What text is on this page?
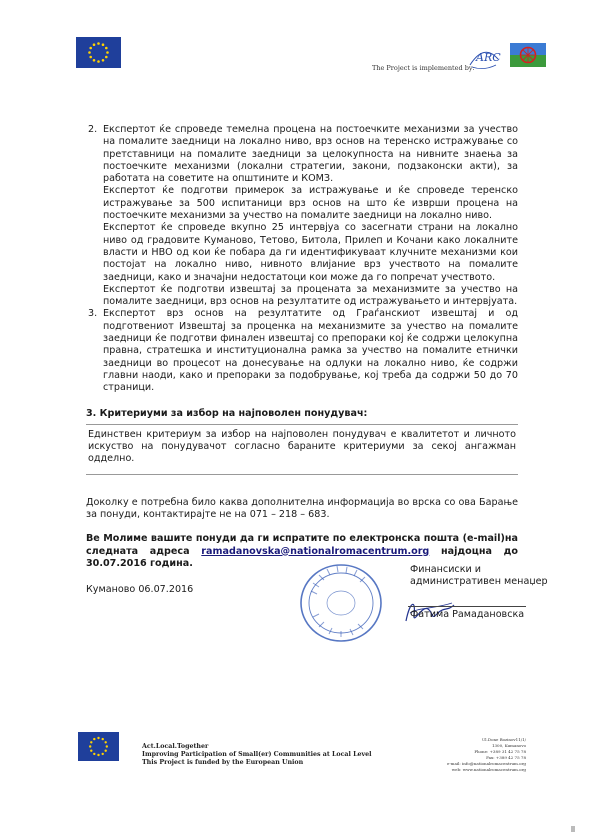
The Project is implemented by:
ARC
2. Експертот ќе спроведе темелна процена на постоечките механизми за учество на помалите заедници на локално ниво, врз основ на теренско истражување со претставници на помалите заедници за целокупноста на нивните знаења за постоечките механизми (локални стратегии, закони, подзаконски акти), за работата на советите на општините и КОМЗ.

Експертот ќе подготви примерок за истражување и ќе спроведе теренско истражување за 500 испитаници врз основ на што ќе изврши процена на постоечките механизми за учество на помалите заедници на локално ниво.

Експертот ќе спроведе вкупно 25 интервјуа со засегнати страни на локално ниво од градовите Куманово, Тетово, Битола, Прилеп и Кочани како локалните власти и НВО од кои ќе побара да ги идентификуваат клучните механизми кои постојат на локално ниво, нивното влијание врз учеството на помалите заедници, како и значајни недостатоци кои може да го попречат учеството.

Експертот ќе подготви извештај за процената за механизмите за учество на помалите заедници, врз основ на резултатите од истражувањето и интервјуата.

3. Експертот врз основ на резултатите од Граѓанскиот извештај и од подготвениот Извештај за проценка на механизмите за учество на помалите заедници ќе подготви финален извештај со препораки кој ќе содржи целокупна правна, стратешка и институционална рамка за учество на помалите етнички заедници во процесот на донесување на одлуки на локално ниво, ќе содржи главни наоди, како и препораки за подобрување, кој треба да содржи 50 до 70 страници.

3. Критериуми за избор на најповолен понудувач:

Единствен критериум за избор на најповолен понудувач е квалитетот и личното искуство на понудувачот согласно бараните критериуми за секој ангажман одделно.

Доколку е потребна било каква дополнителна информација во врска со ова Барање за понуди, контактирајте не на 071 – 218 – 683.

Ве Молиме вашите понуди да ги испратите по електронска пошта (e-mail)на следната адреса ramadanovska@nationalromacentrum.org најдоцна до 30.07.2016 година.

Куманово 06.07.2016

Финансиски и
административен менаџер
Фатима Рамадановска
Act.Local.Together
Improving Participation of Small(er) Communities at Local Level
This Project is funded by the European Union
Ul.Done Bozinov11/1/
1300, Kumanovo
Phone: +389 31 42 75 78
Fax: +389 42 75 78
e-mail: info@nationalromacentrum.org
web: www.nationalromacentrum.org
